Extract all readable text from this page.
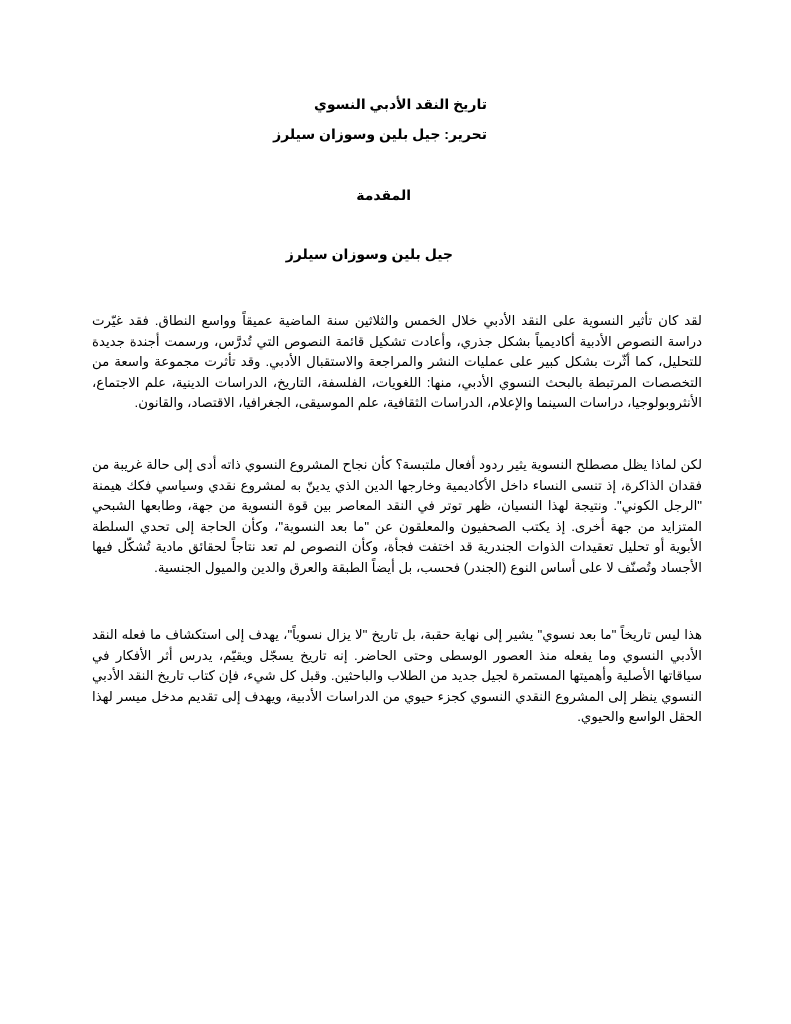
تاريخ النقد الأدبي النسوي
تحرير: جيل بلين وسوزان سيلرز
المقدمة
جيل بلين وسوزان سيلرز

لقد كان تأثير النسوية على النقد الأدبي خلال الخمس والثلاثين سنة الماضية عميقاً وواسع النطاق. فقد غيّرت دراسة النصوص الأدبية أكاديمياً بشكل جذري، وأعادت تشكيل قائمة النصوص التي تُدرَّس، ورسمت أجندة جديدة للتحليل، كما أثّرت بشكل كبير على عمليات النشر والمراجعة والاستقبال الأدبي. وقد تأثرت مجموعة واسعة من التخصصات المرتبطة بالبحث النسوي الأدبي، منها: اللغويات، الفلسفة، التاريخ، الدراسات الدينية، علم الاجتماع، الأنثروبولوجيا، دراسات السينما والإعلام، الدراسات الثقافية، علم الموسيقى، الجغرافيا، الاقتصاد، والقانون.

لكن لماذا يظل مصطلح النسوية يثير ردود أفعال ملتبسة؟ كأن نجاح المشروع النسوي ذاته أدى إلى حالة غريبة من فقدان الذاكرة، إذ تنسى النساء داخل الأكاديمية وخارجها الدين الذي يدينّ به لمشروع نقدي وسياسي فكك هيمنة "الرجل الكوني". ونتيجة لهذا النسيان، ظهر توتر في النقد المعاصر بين قوة النسوية من جهة، وطابعها الشبحي المتزايد من جهة أخرى. إذ يكتب الصحفيون والمعلقون عن "ما بعد النسوية"، وكأن الحاجة إلى تحدي السلطة الأبوية أو تحليل تعقيدات الذوات الجندرية قد اختفت فجأة، وكأن النصوص لم تعد نتاجاً لحقائق مادية تُشكّل فيها الأجساد وتُصنّف لا على أساس النوع (الجندر) فحسب، بل أيضاً الطبقة والعرق والدين والميول الجنسية.

هذا ليس تاريخاً "ما بعد نسوي" يشير إلى نهاية حقبة، بل تاريخ "لا يزال نسوياً"، يهدف إلى استكشاف ما فعله النقد الأدبي النسوي وما يفعله منذ العصور الوسطى وحتى الحاضر. إنه تاريخ يسجّل ويقيّم، يدرس أثر الأفكار في سياقاتها الأصلية وأهميتها المستمرة لجيل جديد من الطلاب والباحثين. وقبل كل شيء، فإن كتاب تاريخ النقد الأدبي النسوي ينظر إلى المشروع النقدي النسوي كجزء حيوي من الدراسات الأدبية، ويهدف إلى تقديم مدخل ميسر لهذا الحقل الواسع والحيوي.
